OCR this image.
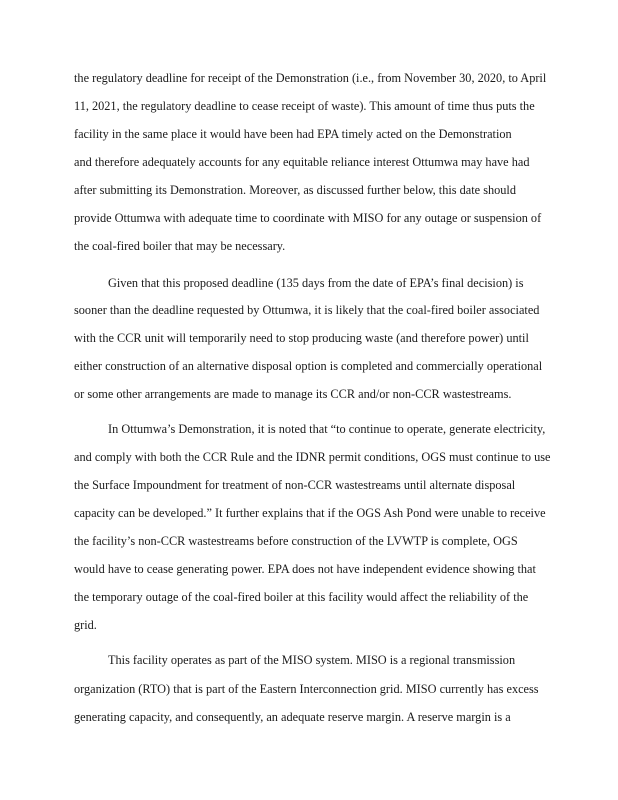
the regulatory deadline for receipt of the Demonstration (i.e., from November 30, 2020, to April
11, 2021, the regulatory deadline to cease receipt of waste). This amount of time thus puts the
facility in the same place it would have been had EPA timely acted on the Demonstration
and therefore adequately accounts for any equitable reliance interest Ottumwa may have had
after submitting its Demonstration. Moreover, as discussed further below, this date should
provide Ottumwa with adequate time to coordinate with MISO for any outage or suspension of
the coal-fired boiler that may be necessary.
Given that this proposed deadline (135 days from the date of EPA’s final decision) is
sooner than the deadline requested by Ottumwa, it is likely that the coal-fired boiler associated
with the CCR unit will temporarily need to stop producing waste (and therefore power) until
either construction of an alternative disposal option is completed and commercially operational
or some other arrangements are made to manage its CCR and/or non-CCR wastestreams.
In Ottumwa’s Demonstration, it is noted that “to continue to operate, generate electricity,
and comply with both the CCR Rule and the IDNR permit conditions, OGS must continue to use
the Surface Impoundment for treatment of non-CCR wastestreams until alternate disposal
capacity can be developed.” It further explains that if the OGS Ash Pond were unable to receive
the facility’s non-CCR wastestreams before construction of the LVWTP is complete, OGS
would have to cease generating power. EPA does not have independent evidence showing that
the temporary outage of the coal-fired boiler at this facility would affect the reliability of the
grid.
This facility operates as part of the MISO system. MISO is a regional transmission
organization (RTO) that is part of the Eastern Interconnection grid. MISO currently has excess
generating capacity, and consequently, an adequate reserve margin. A reserve margin is a
